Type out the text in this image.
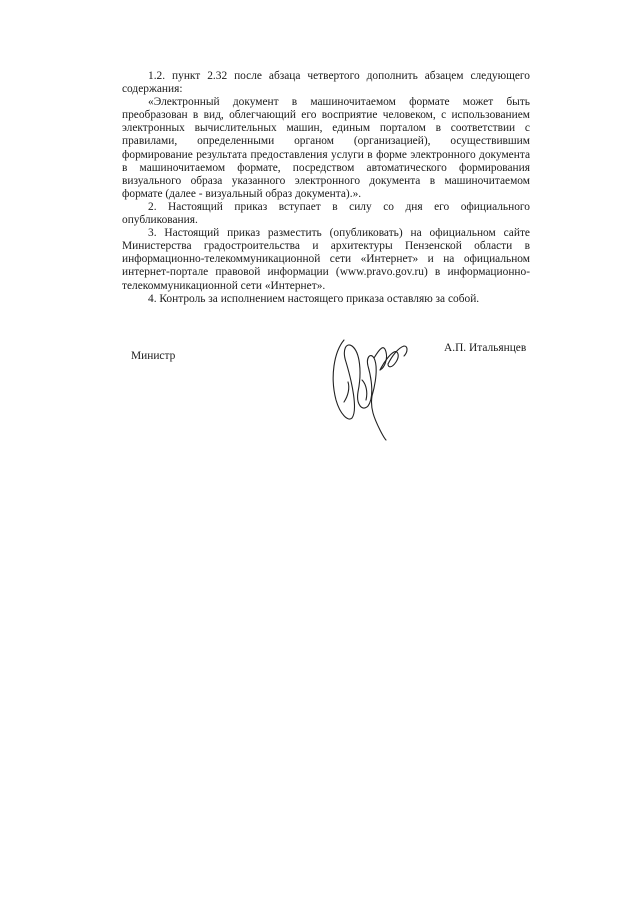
1.2. пункт 2.32 после абзаца четвертого дополнить абзацем следующего содержания:

«Электронный документ в машиночитаемом формате может быть преобразован в вид, облегчающий его восприятие человеком, с использованием электронных вычислительных машин, единым порталом в соответствии с правилами, определенными органом (организацией), осуществившим формирование результата предоставления услуги в форме электронного документа в машиночитаемом формате, посредством автоматического формирования визуального образа указанного электронного документа в машиночитаемом формате (далее - визуальный образ документа).».

2. Настоящий приказ вступает в силу со дня его официального опубликования.

3. Настоящий приказ разместить (опубликовать) на официальном сайте Министерства градостроительства и архитектуры Пензенской области в информационно-телекоммуникационной сети «Интернет» и на официальном интернет-портале правовой информации (www.pravo.gov.ru) в информационно-телекоммуникационной сети «Интернет».

4. Контроль за исполнением настоящего приказа оставляю за собой.

Министр
А.П. Итальянцев
